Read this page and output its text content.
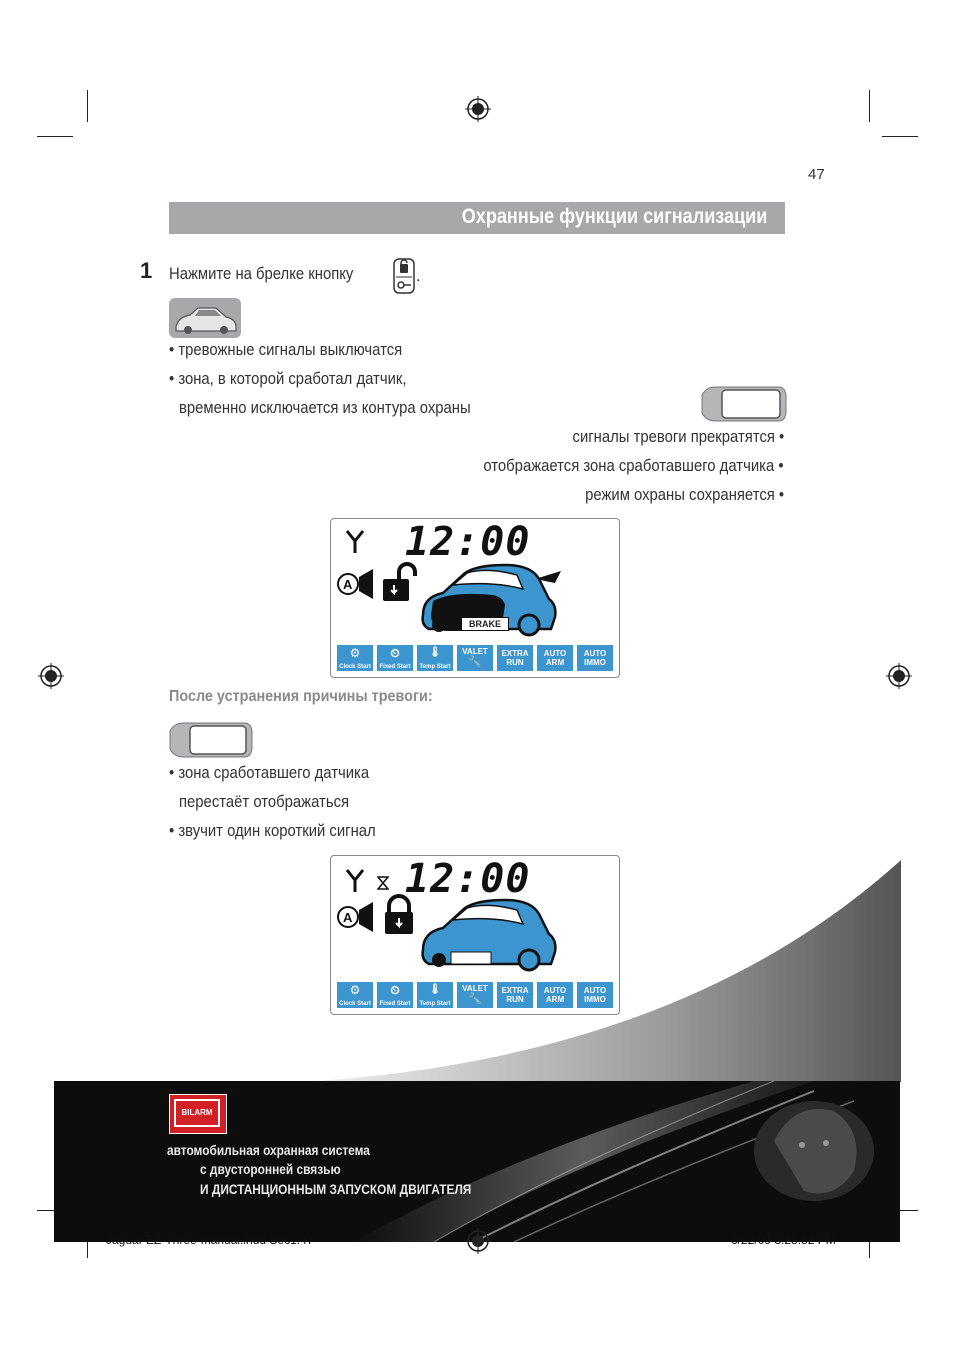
47
Охранные функции сигнализации
1 Нажмите на брелке кнопку	.
• тревожные сигналы выключатся
• зона, в которой сработал датчик,
временно исключается из контура охраны
сигналы тревоги прекратятся •
отображается зона сработавшего датчика •
режим охраны сохраняется •
12:00
A
BRAKE
⚙
Clock Start
⏲
Fixed Start
🌡
Temp Start
VALET
🔧
EXTRA RUN
AUTO ARM
AUTO IMMO
После устранения причины тревоги:
• зона сработавшего датчика
перестаёт отображаться
• звучит один короткий сигнал
12:00
A
⚙
Clock Start
⏲
Fixed Start
🌡
Temp Start
VALET
🔧
EXTRA RUN
AUTO ARM
AUTO IMMO
BILARM
автомобильная охранная система
с двусторонней связью
И ДИСТАНЦИОННЫМ ЗАПУСКОМ ДВИГАТЕЛЯ
Jaguar EZ-Three-manual.indd Sec1:47	6/22/09 3:28:52 PM
